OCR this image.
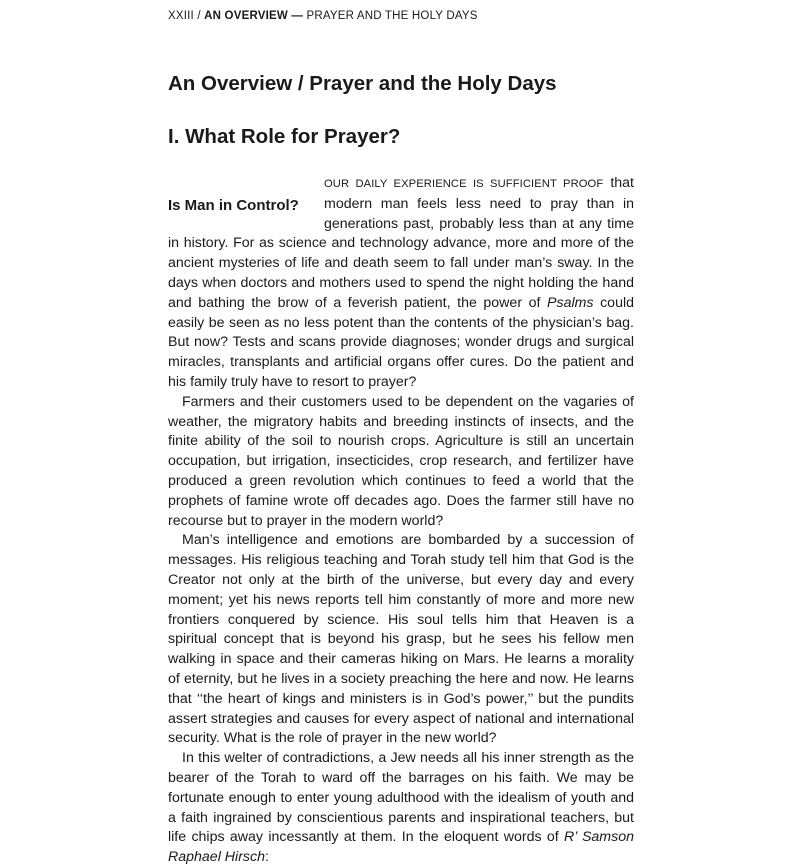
XXIII / AN OVERVIEW — PRAYER AND THE HOLY DAYS
An Overview / Prayer and the Holy Days
I. What Role for Prayer?
Is Man in Control?

OUR DAILY EXPERIENCE IS SUFFICIENT PROOF that modern man feels less need to pray than in generations past, probably less than at any time in history. For as science and technology advance, more and more of the ancient mysteries of life and death seem to fall under man’s sway. In the days when doctors and mothers used to spend the night holding the hand and bathing the brow of a feverish patient, the power of Psalms could easily be seen as no less potent than the contents of the physician’s bag. But now? Tests and scans provide diagnoses; wonder drugs and surgical miracles, transplants and artificial organs offer cures. Do the patient and his family truly have to resort to prayer?

Farmers and their customers used to be dependent on the vagaries of weather, the migratory habits and breeding instincts of insects, and the finite ability of the soil to nourish crops. Agriculture is still an uncertain occupation, but irrigation, insecticides, crop research, and fertilizer have produced a green revolution which continues to feed a world that the prophets of famine wrote off decades ago. Does the farmer still have no recourse but to prayer in the modern world?

Man’s intelligence and emotions are bombarded by a succession of messages. His religious teaching and Torah study tell him that God is the Creator not only at the birth of the universe, but every day and every moment; yet his news reports tell him constantly of more and more new frontiers conquered by science. His soul tells him that Heaven is a spiritual concept that is beyond his grasp, but he sees his fellow men walking in space and their cameras hiking on Mars. He learns a morality of eternity, but he lives in a society preaching the here and now. He learns that ‘‘the heart of kings and ministers is in God’s power,’’ but the pundits assert strategies and causes for every aspect of national and international security. What is the role of prayer in the new world?

In this welter of contradictions, a Jew needs all his inner strength as the bearer of the Torah to ward off the barrages on his faith. We may be fortunate enough to enter young adulthood with the idealism of youth and a faith ingrained by conscientious parents and inspirational teachers, but life chips away incessantly at them. In the eloquent words of R’ Samson Raphael Hirsch:
